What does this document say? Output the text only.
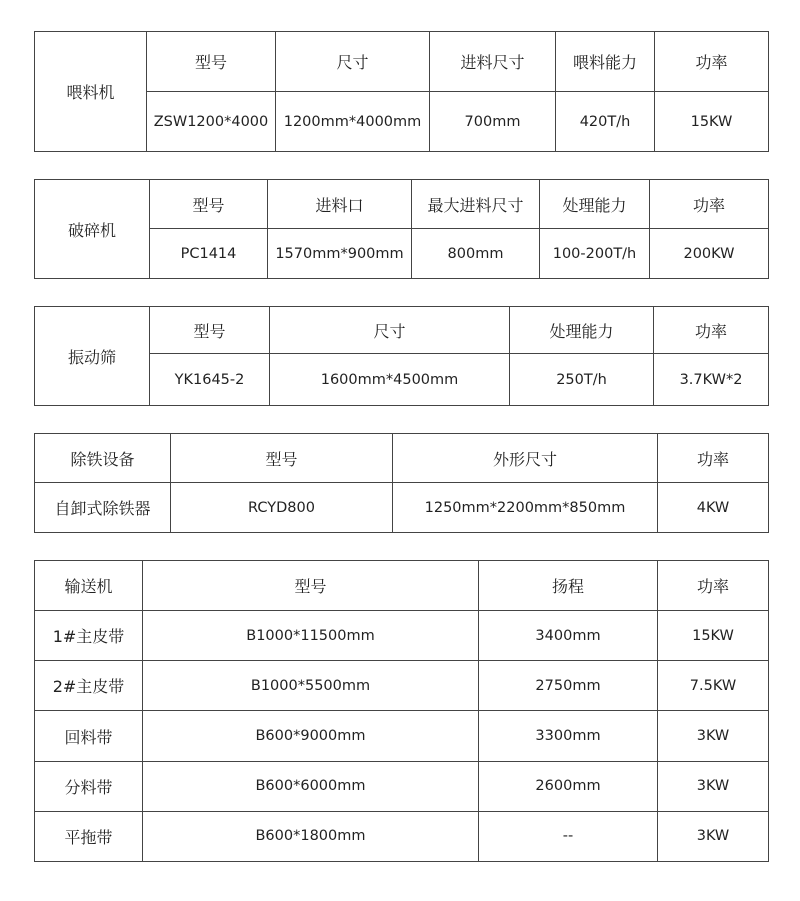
喂料机	型号	尺寸	进料尺寸	喂料能力	功率
	ZSW1200*4000	1200mm*4000mm	700mm	420T/h	15KW
破碎机	型号	进料口	最大进料尺寸	处理能力	功率
	PC1414	1570mm*900mm	800mm	100-200T/h	200KW
振动筛	型号	尺寸	处理能力	功率
	YK1645-2	1600mm*4500mm	250T/h	3.7KW*2
除铁设备	型号	外形尺寸	功率
自卸式除铁器	RCYD800	1250mm*2200mm*850mm	4KW
输送机	型号	扬程	功率
1#主皮带	B1000*11500mm	3400mm	15KW
2#主皮带	B1000*5500mm	2750mm	7.5KW
回料带	B600*9000mm	3300mm	3KW
分料带	B600*6000mm	2600mm	3KW
平拖带	B600*1800mm	--	3KW
